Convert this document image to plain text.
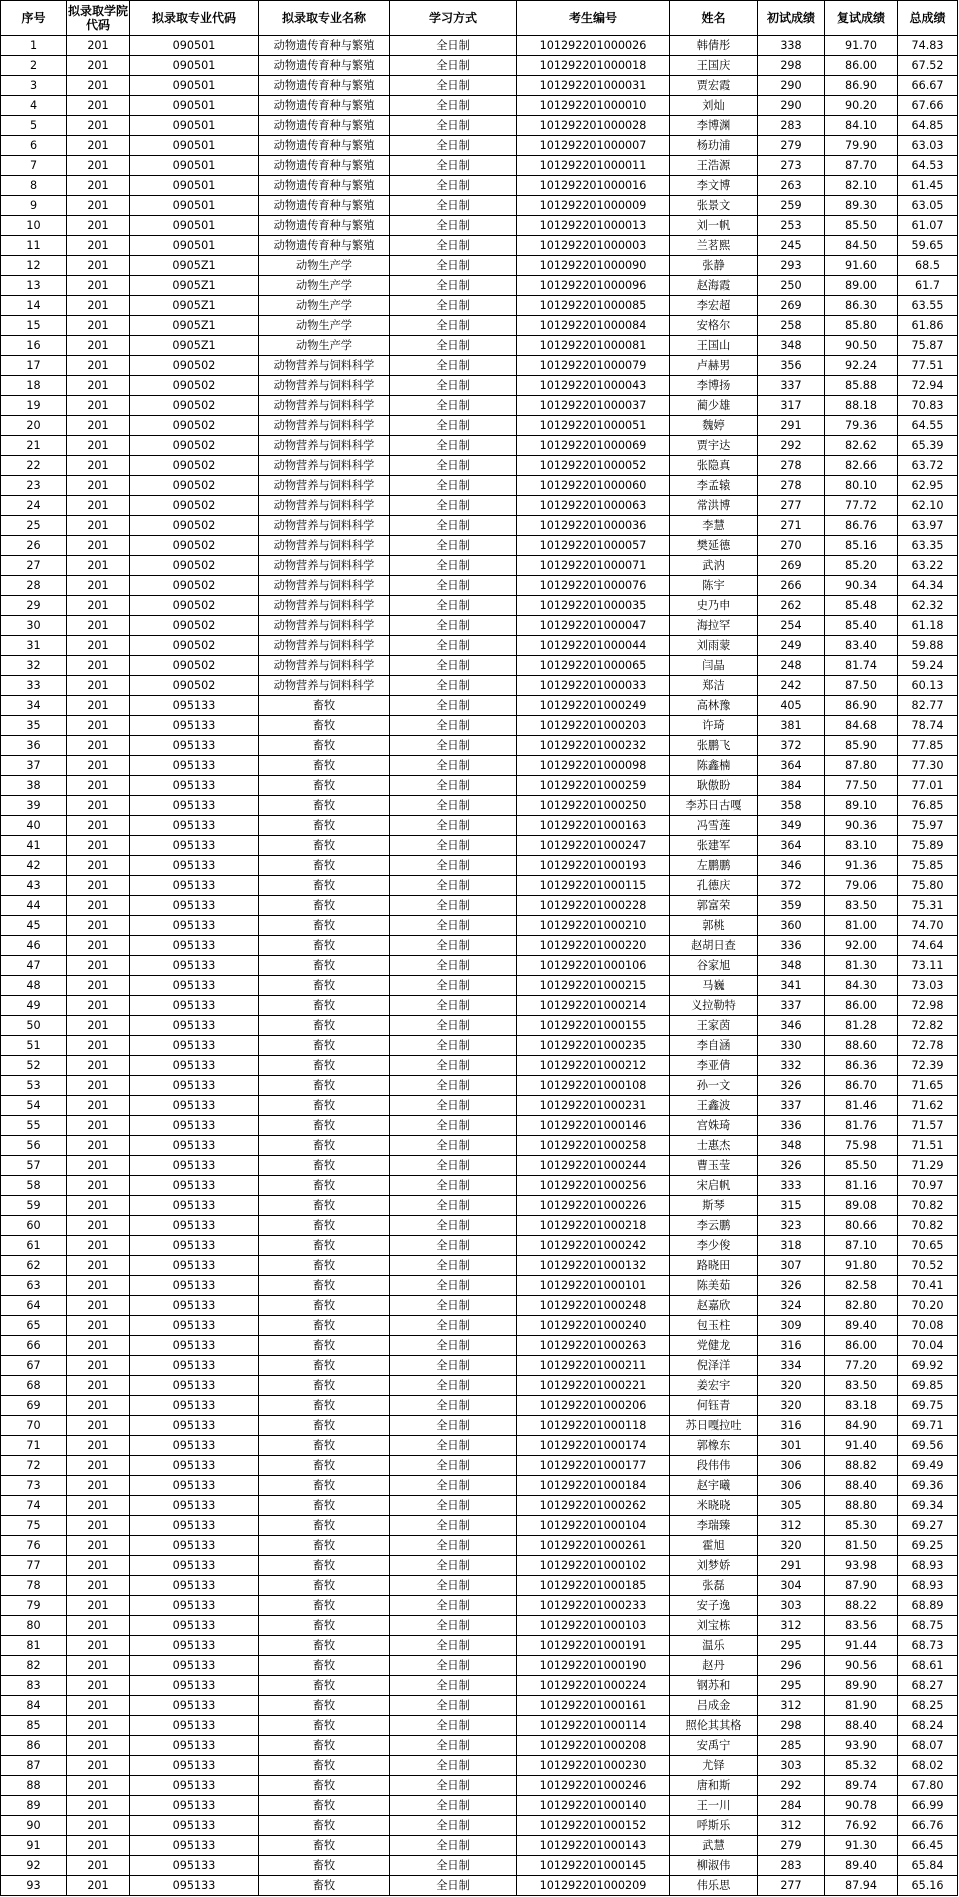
序号	拟录取学院代码	拟录取专业代码	拟录取专业名称	学习方式	考生编号	姓名	初试成绩	复试成绩	总成绩
1	201	090501	动物遗传育种与繁殖	全日制	101292201000026	韩倩彤	338	91.70	74.83
2	201	090501	动物遗传育种与繁殖	全日制	101292201000018	王国庆	298	86.00	67.52
3	201	090501	动物遗传育种与繁殖	全日制	101292201000031	贾宏霞	290	86.90	66.67
4	201	090501	动物遗传育种与繁殖	全日制	101292201000010	刘灿	290	90.20	67.66
5	201	090501	动物遗传育种与繁殖	全日制	101292201000028	李博渊	283	84.10	64.85
6	201	090501	动物遗传育种与繁殖	全日制	101292201000007	杨玏浦	279	79.90	63.03
7	201	090501	动物遗传育种与繁殖	全日制	101292201000011	王浩源	273	87.70	64.53
8	201	090501	动物遗传育种与繁殖	全日制	101292201000016	李文博	263	82.10	61.45
9	201	090501	动物遗传育种与繁殖	全日制	101292201000009	张景文	259	89.30	63.05
10	201	090501	动物遗传育种与繁殖	全日制	101292201000013	刘一帆	253	85.50	61.07
11	201	090501	动物遗传育种与繁殖	全日制	101292201000003	兰茗熙	245	84.50	59.65
12	201	0905Z1	动物生产学	全日制	101292201000090	张静	293	91.60	68.5
13	201	0905Z1	动物生产学	全日制	101292201000096	赵海霞	250	89.00	61.7
14	201	0905Z1	动物生产学	全日制	101292201000085	李宏超	269	86.30	63.55
15	201	0905Z1	动物生产学	全日制	101292201000084	安格尔	258	85.80	61.86
16	201	0905Z1	动物生产学	全日制	101292201000081	王国山	348	90.50	75.87
17	201	090502	动物营养与饲料科学	全日制	101292201000079	卢赫男	356	92.24	77.51
18	201	090502	动物营养与饲料科学	全日制	101292201000043	李博扬	337	85.88	72.94
19	201	090502	动物营养与饲料科学	全日制	101292201000037	蔺少雄	317	88.18	70.83
20	201	090502	动物营养与饲料科学	全日制	101292201000051	魏婷	291	79.36	64.55
21	201	090502	动物营养与饲料科学	全日制	101292201000069	贾宇达	292	82.62	65.39
22	201	090502	动物营养与饲料科学	全日制	101292201000052	张隐真	278	82.66	63.72
23	201	090502	动物营养与饲料科学	全日制	101292201000060	李孟辕	278	80.10	62.95
24	201	090502	动物营养与饲料科学	全日制	101292201000063	常洪博	277	77.72	62.10
25	201	090502	动物营养与饲料科学	全日制	101292201000036	李慧	271	86.76	63.97
26	201	090502	动物营养与饲料科学	全日制	101292201000057	樊延德	270	85.16	63.35
27	201	090502	动物营养与饲料科学	全日制	101292201000071	武汭	269	85.20	63.22
28	201	090502	动物营养与饲料科学	全日制	101292201000076	陈宇	266	90.34	64.34
29	201	090502	动物营养与饲料科学	全日制	101292201000035	史乃申	262	85.48	62.32
30	201	090502	动物营养与饲料科学	全日制	101292201000047	海拉罕	254	85.40	61.18
31	201	090502	动物营养与饲料科学	全日制	101292201000044	刘雨蒙	249	83.40	59.88
32	201	090502	动物营养与饲料科学	全日制	101292201000065	闫晶	248	81.74	59.24
33	201	090502	动物营养与饲料科学	全日制	101292201000033	郑洁	242	87.50	60.13
34	201	095133	畜牧	全日制	101292201000249	高林豫	405	86.90	82.77
35	201	095133	畜牧	全日制	101292201000203	许琦	381	84.68	78.74
36	201	095133	畜牧	全日制	101292201000232	张鹏飞	372	85.90	77.85
37	201	095133	畜牧	全日制	101292201000098	陈鑫楠	364	87.80	77.30
38	201	095133	畜牧	全日制	101292201000259	耿傲盼	384	77.50	77.01
39	201	095133	畜牧	全日制	101292201000250	李苏日古嘎	358	89.10	76.85
40	201	095133	畜牧	全日制	101292201000163	冯雪莲	349	90.36	75.97
41	201	095133	畜牧	全日制	101292201000247	张建军	364	83.10	75.89
42	201	095133	畜牧	全日制	101292201000193	左鹏鹏	346	91.36	75.85
43	201	095133	畜牧	全日制	101292201000115	孔德庆	372	79.06	75.80
44	201	095133	畜牧	全日制	101292201000228	郭富荣	359	83.50	75.31
45	201	095133	畜牧	全日制	101292201000210	郭桃	360	81.00	74.70
46	201	095133	畜牧	全日制	101292201000220	赵胡日查	336	92.00	74.64
47	201	095133	畜牧	全日制	101292201000106	谷家旭	348	81.30	73.11
48	201	095133	畜牧	全日制	101292201000215	马巍	341	84.30	73.03
49	201	095133	畜牧	全日制	101292201000214	义拉勒特	337	86.00	72.98
50	201	095133	畜牧	全日制	101292201000155	王家茵	346	81.28	72.82
51	201	095133	畜牧	全日制	101292201000235	李自涵	330	88.60	72.78
52	201	095133	畜牧	全日制	101292201000212	李亚倩	332	86.36	72.39
53	201	095133	畜牧	全日制	101292201000108	孙一文	326	86.70	71.65
54	201	095133	畜牧	全日制	101292201000231	王鑫波	337	81.46	71.62
55	201	095133	畜牧	全日制	101292201000146	宫姝琦	336	81.76	71.57
56	201	095133	畜牧	全日制	101292201000258	士惠杰	348	75.98	71.51
57	201	095133	畜牧	全日制	101292201000244	曹玉莹	326	85.50	71.29
58	201	095133	畜牧	全日制	101292201000256	宋启帆	333	81.16	70.97
59	201	095133	畜牧	全日制	101292201000226	斯琴	315	89.08	70.82
60	201	095133	畜牧	全日制	101292201000218	李云鹏	323	80.66	70.82
61	201	095133	畜牧	全日制	101292201000242	李少俊	318	87.10	70.65
62	201	095133	畜牧	全日制	101292201000132	路晓田	307	91.80	70.52
63	201	095133	畜牧	全日制	101292201000101	陈美茹	326	82.58	70.41
64	201	095133	畜牧	全日制	101292201000248	赵嘉欣	324	82.80	70.20
65	201	095133	畜牧	全日制	101292201000240	包玉柱	309	89.40	70.08
66	201	095133	畜牧	全日制	101292201000263	党健龙	316	86.00	70.04
67	201	095133	畜牧	全日制	101292201000211	倪泽洋	334	77.20	69.92
68	201	095133	畜牧	全日制	101292201000221	姜宏宇	320	83.50	69.85
69	201	095133	畜牧	全日制	101292201000206	何钰青	320	83.18	69.75
70	201	095133	畜牧	全日制	101292201000118	苏日嘎拉吐	316	84.90	69.71
71	201	095133	畜牧	全日制	101292201000174	郭橡东	301	91.40	69.56
72	201	095133	畜牧	全日制	101292201000177	段伟伟	306	88.82	69.49
73	201	095133	畜牧	全日制	101292201000184	赵宇曦	306	88.40	69.36
74	201	095133	畜牧	全日制	101292201000262	米晓晓	305	88.80	69.34
75	201	095133	畜牧	全日制	101292201000104	李瑞臻	312	85.30	69.27
76	201	095133	畜牧	全日制	101292201000261	霍旭	320	81.50	69.25
77	201	095133	畜牧	全日制	101292201000102	刘梦娇	291	93.98	68.93
78	201	095133	畜牧	全日制	101292201000185	张磊	304	87.90	68.93
79	201	095133	畜牧	全日制	101292201000233	安子逸	303	88.22	68.89
80	201	095133	畜牧	全日制	101292201000103	刘宝栋	312	83.56	68.75
81	201	095133	畜牧	全日制	101292201000191	温乐	295	91.44	68.73
82	201	095133	畜牧	全日制	101292201000190	赵丹	296	90.56	68.61
83	201	095133	畜牧	全日制	101292201000224	钢苏和	295	89.90	68.27
84	201	095133	畜牧	全日制	101292201000161	吕成金	312	81.90	68.25
85	201	095133	畜牧	全日制	101292201000114	照伦其其格	298	88.40	68.24
86	201	095133	畜牧	全日制	101292201000208	安禹宁	285	93.90	68.07
87	201	095133	畜牧	全日制	101292201000230	尤铎	303	85.32	68.02
88	201	095133	畜牧	全日制	101292201000246	唐和斯	292	89.74	67.80
89	201	095133	畜牧	全日制	101292201000140	王一川	284	90.78	66.99
90	201	095133	畜牧	全日制	101292201000152	呼斯乐	312	76.92	66.76
91	201	095133	畜牧	全日制	101292201000143	武慧	279	91.30	66.45
92	201	095133	畜牧	全日制	101292201000145	柳淑伟	283	89.40	65.84
93	201	095133	畜牧	全日制	101292201000209	伟乐思	277	87.94	65.16
